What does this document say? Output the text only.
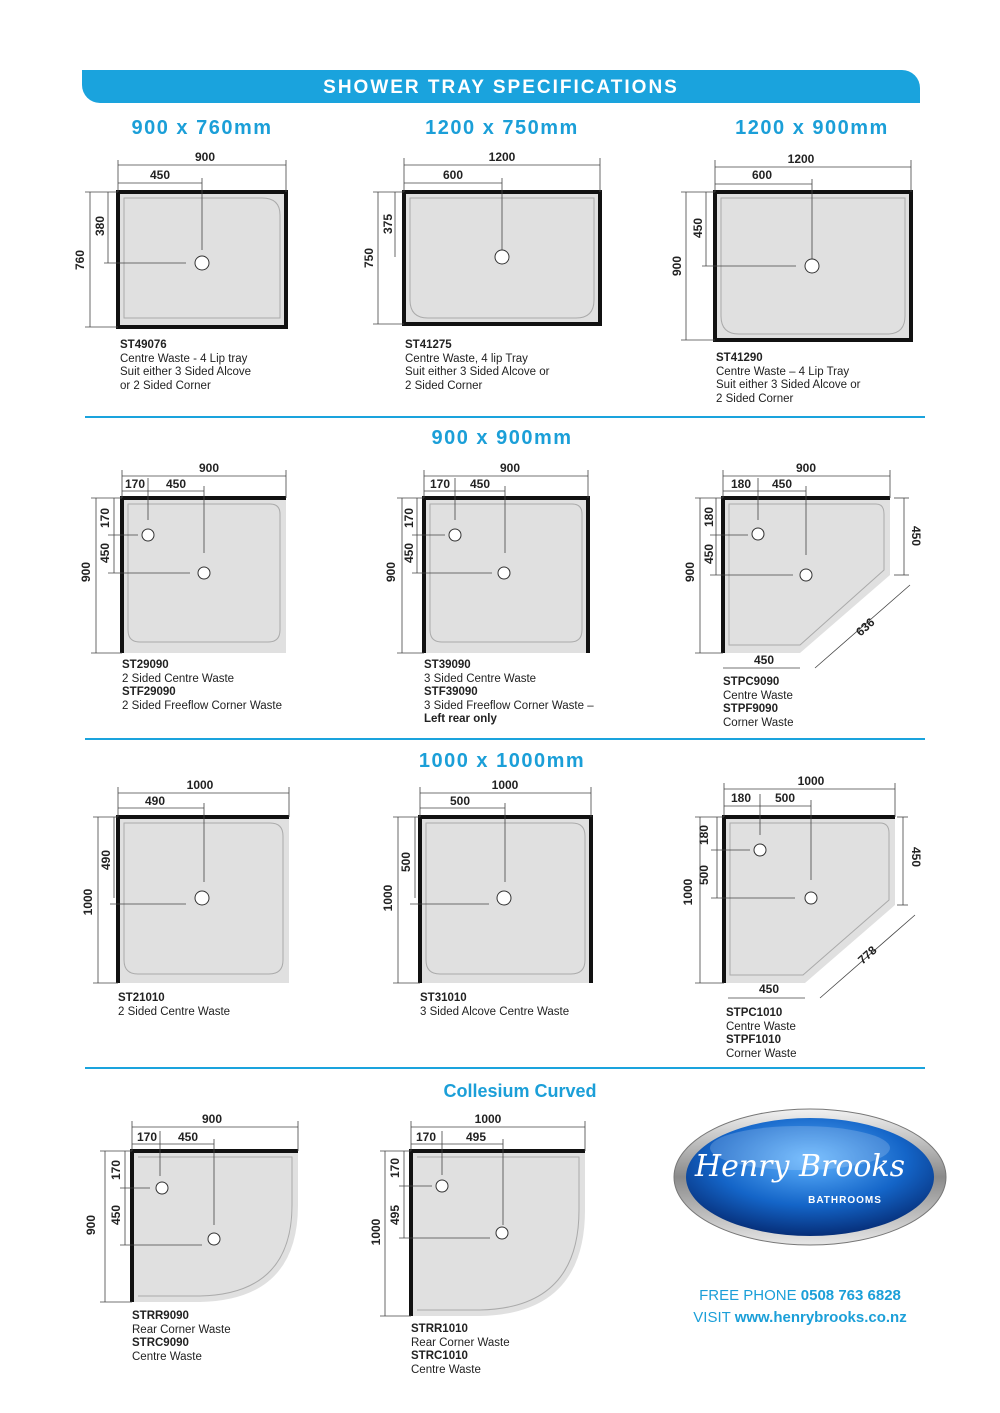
SHOWER TRAY SPECIFICATIONS
900 x 760mm	1200 x 750mm	1200 x 900mm
900 x 900mm
1000 x 1000mm
Collesium Curved
900
450
380
760
1200
600
375
750
1200
600
450
900
900
170 450
170
450
900
900
170 450
170
450
900
900
180 450
180
450
900
450
636
450
1000
490
490
1000
1000
500
500
1000
1000
180 500
180
500
1000
450
778
450
900
170 450
170
450
900
1000
170 495
170
495
1000
Henry Brooks
BATHROOMS
ST49076
Centre Waste - 4 Lip tray
Suit either 3 Sided Alcove
or 2 Sided Corner
ST41275
Centre Waste, 4 lip Tray
Suit either 3 Sided Alcove or
2 Sided Corner
ST41290
Centre Waste – 4 Lip Tray
Suit either 3 Sided Alcove or
2 Sided Corner
ST29090
2 Sided Centre Waste
STF29090
2 Sided Freeflow Corner Waste
ST39090
3 Sided Centre Waste
STF39090
3 Sided Freeflow Corner Waste –
Left rear only
STPC9090
Centre Waste
STPF9090
Corner Waste
ST21010
2 Sided Centre Waste
ST31010
3 Sided Alcove Centre Waste	STPC1010
Centre Waste
STPF1010
Corner Waste
STRR9090
Rear Corner Waste
STRC9090
Centre Waste
STRR1010
Rear Corner Waste
STRC1010
Centre Waste
FREE PHONE 0508 763 6828
VISIT www.henrybrooks.co.nz
